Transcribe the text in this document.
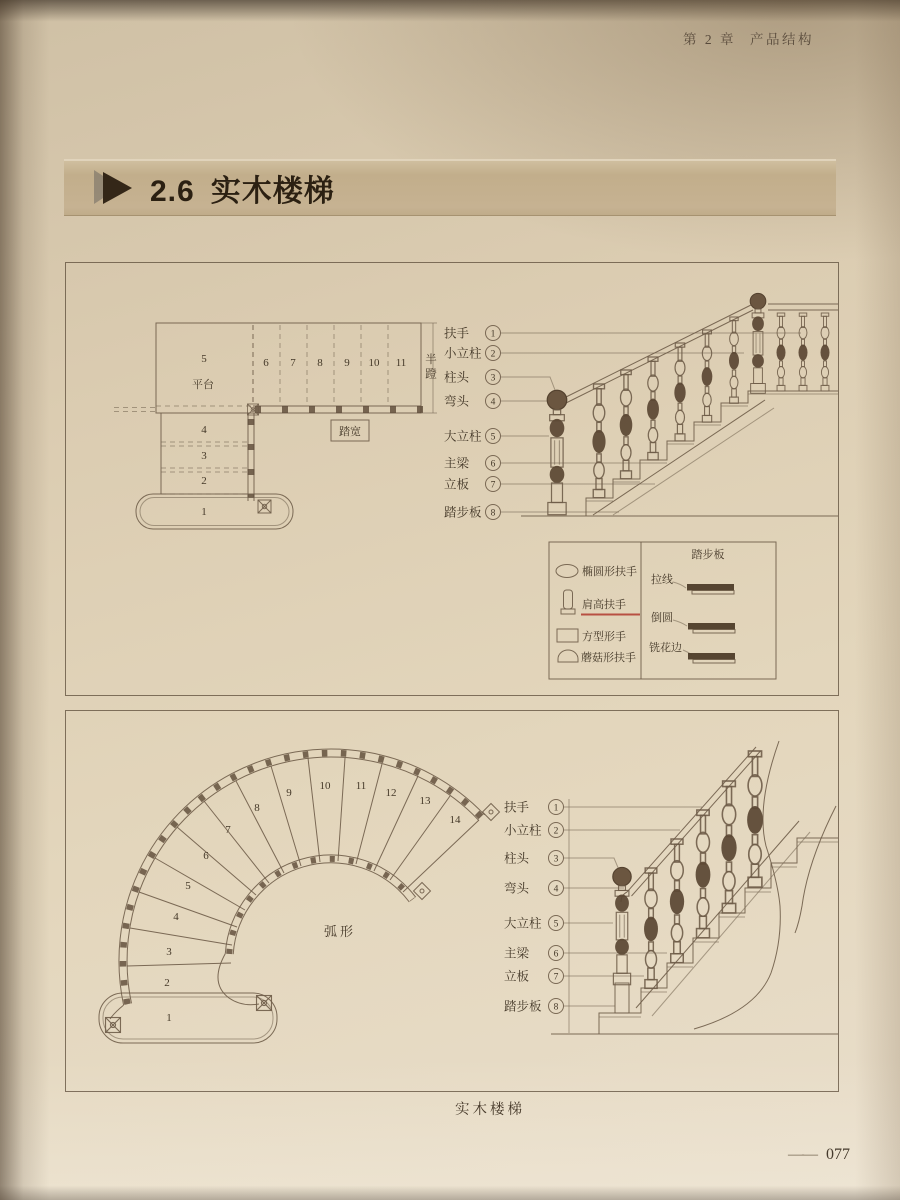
第 2 章 产品结构
2.6 实木楼梯
踏宽
5
平台
6 7 8 9 10 11
4
3
2
1
扶手
小立柱
柱头
弯头
大立柱
主梁
立板
踏步板
1
2
3
4
5
6
7
8
椭圆形扶手
肩高扶手
方型形手
蘑菇形扶手
踏步板
拉线
倒圆
铣花边
半蹬
1
2
3
4
5
6
7
8
9
10 11
12
13
14
弧形
扶手
小立柱
柱头
弯头
大立柱
主梁
立板
踏步板
1
2
3
4
5
6
7
8
实木楼梯
—— 077
